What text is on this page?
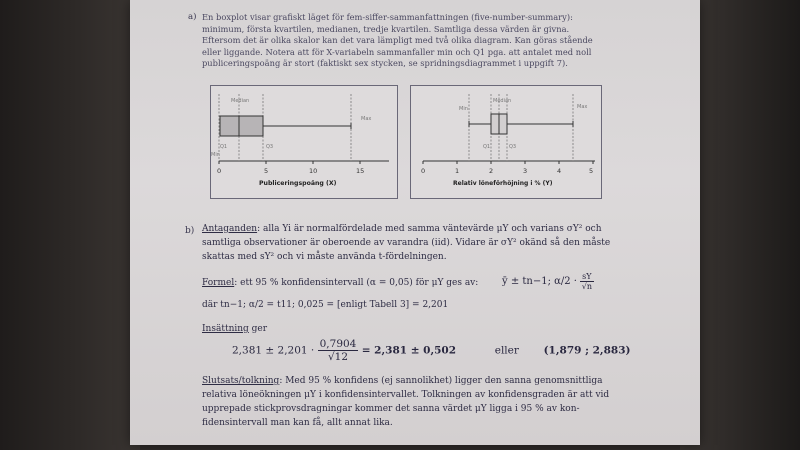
a) En boxplot visar grafiskt läget för fem-siffer-sammanfattningen (five-number-summary):
minimum, första kvartilen, medianen, tredje kvartilen. Samtliga dessa värden är givna.
Eftersom det är olika skalor kan det vara lämpligt med två olika diagram. Kan göras stående
eller liggande. Notera att för X-variabeln sammanfaller min och Q1 pga. att antalet med noll
publiceringspoäng är stort (faktiskt sex stycken, se spridningsdiagrammet i uppgift 7).
Median
Max
Q3
Min
Q1
0	5	10	15
Publiceringspoäng (X)
Median
Max
Min
Q1	Q3
0	1	2	3	4	5
Relativ löneförhöjning i % (Y)
b) Antaganden: alla Yi är normalfördelade med samma väntevärde μY och varians σY² och
samtliga observationer är oberoende av varandra (iid). Vidare är σY² okänd så den måste
skattas med sY² och vi måste använda t-fördelningen.
Formel: ett 95 % konfidensintervall (α = 0,05) för μY ges av:	ȳ ± tn−1; $\alpha/2 \cdot \frac{sY}{√n}$
där tn−1; α/2 = t11; 0,025 = [enligt Tabell 3] = 2,201
Insättning ger
$2,381 \pm 2,201 \cdot \frac{0,7904}{√12} = 2,381 \pm 0,502$	eller (1,879 ; 2,883)
Slutsats/tolkning: Med 95 % konfidens (ej sannolikhet) ligger den sanna genomsnittliga
relativa löneökningen μY i konfidensintervallet. Tolkningen av konfidensgraden är att vid
upprepade stickprovsdragningar kommer det sanna värdet μY ligga i 95 % av kon-
fidensintervall man kan få, allt annat lika.
